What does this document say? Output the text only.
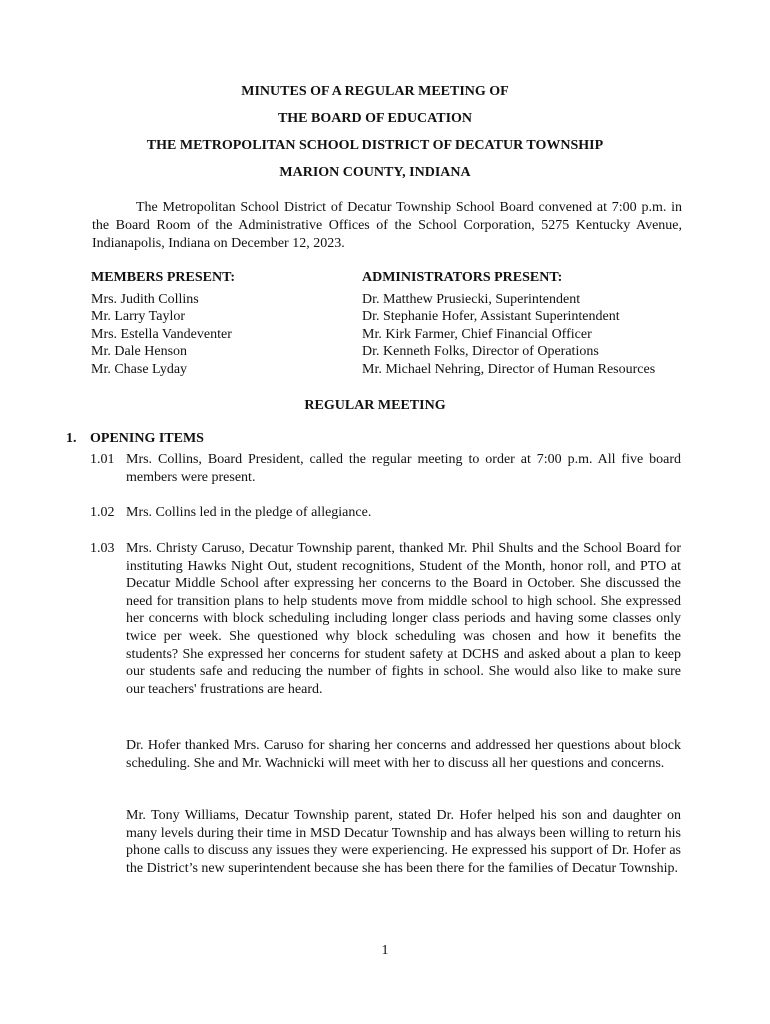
MINUTES OF A REGULAR MEETING OF
THE BOARD OF EDUCATION
THE METROPOLITAN SCHOOL DISTRICT OF DECATUR TOWNSHIP
MARION COUNTY, INDIANA

The Metropolitan School District of Decatur Township School Board convened at 7:00 p.m. in the Board Room of the Administrative Offices of the School Corporation, 5275 Kentucky Avenue, Indianapolis, Indiana on December 12, 2023.

MEMBERS PRESENT:
Mrs. Judith Collins
Mr. Larry Taylor
Mrs. Estella Vandeventer
Mr. Dale Henson
Mr. Chase Lyday
ADMINISTRATORS PRESENT:
Dr. Matthew Prusiecki, Superintendent
Dr. Stephanie Hofer, Assistant Superintendent
Mr. Kirk Farmer, Chief Financial Officer
Dr. Kenneth Folks, Director of Operations
Mr. Michael Nehring, Director of Human Resources
REGULAR MEETING
1. OPENING ITEMS
1.01 Mrs. Collins, Board President, called the regular meeting to order at 7:00 p.m. All five board members were present.
1.02 Mrs. Collins led in the pledge of allegiance.
1.03 Mrs. Christy Caruso, Decatur Township parent, thanked Mr. Phil Shults and the School Board for instituting Hawks Night Out, student recognitions, Student of the Month, honor roll, and PTO at Decatur Middle School after expressing her concerns to the Board in October. She discussed the need for transition plans to help students move from middle school to high school. She expressed her concerns with block scheduling including longer class periods and having some classes only twice per week. She questioned why block scheduling was chosen and how it benefits the students? She expressed her concerns for student safety at DCHS and asked about a plan to keep our students safe and reducing the number of fights in school. She would also like to make sure our teachers' frustrations are heard.

Dr. Hofer thanked Mrs. Caruso for sharing her concerns and addressed her questions about block scheduling. She and Mr. Wachnicki will meet with her to discuss all her questions and concerns.

Mr. Tony Williams, Decatur Township parent, stated Dr. Hofer helped his son and daughter on many levels during their time in MSD Decatur Township and has always been willing to return his phone calls to discuss any issues they were experiencing. He expressed his support of Dr. Hofer as the District’s new superintendent because she has been there for the families of Decatur Township.

1
